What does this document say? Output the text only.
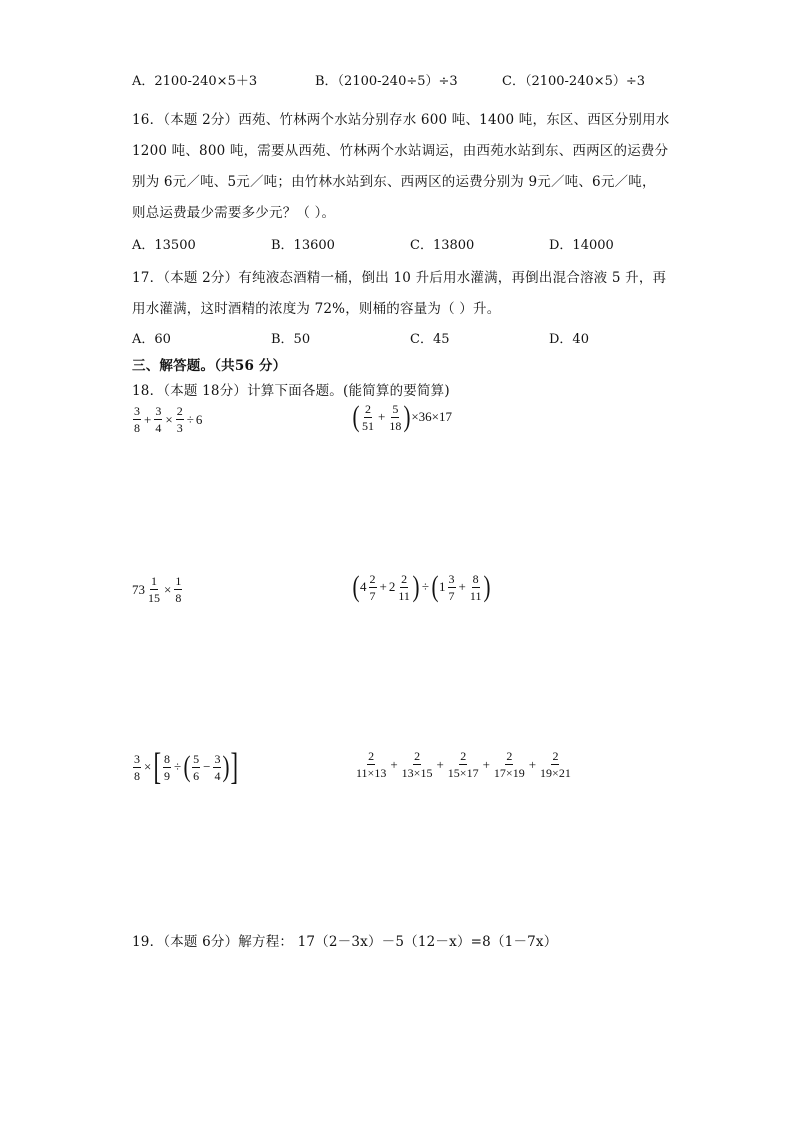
A．2100-240×5＋3	B．（2100-240÷5）÷3	C．（2100-240×5）÷3
16．（本题 2分）西苑、竹林两个水站分别存水 600 吨、1400 吨，东区、西区分别用水
1200 吨、800 吨，需要从西苑、竹林两个水站调运，由西苑水站到东、西两区的运费分
别为 6元／吨、5元／吨；由竹林水站到东、西两区的运费分别为 9元／吨、6元／吨，
则总运费最少需要多少元？（ ）。
A．13500	B．13600	C．13800	D．14000
17．（本题 2分）有纯液态酒精一桶，倒出 10 升后用水灌满，再倒出混合溶液 5 升，再
用水灌满，这时酒精的浓度为 72%，则桶的容量为（ ）升。
A．60	B．50	C．45	D．40
三、解答题。（共56 分）
18．（本题 18分）计算下面各题。(能简算的要简算)
$\frac{3}{8} + \frac{3}{4} \times \frac{2}{3} \div 6$	( $\frac{2}{51} + \frac{5}{18}$ ) ×36×17
$73 \frac{1}{15} \times \frac{1}{8}$	( $4 \frac{2}{7} + 2 \frac{2}{11}$ ) ÷ ( $1 \frac{3}{7} + \frac{8}{11}$ )
$\frac{3}{8}$ × [ $\frac{8}{9}$ ÷ ( $\frac{5}{6} - \frac{3}{4}$ ) ]	$\frac{2}{11\times 13} + \frac{2}{13\times 15} + \frac{2}{15\times 17} + \frac{2}{17\times 19} + \frac{2}{19\times 21}$
19．（本题 6分）解方程： 17（2－3x）－5（12－x）=8（1－7x）
